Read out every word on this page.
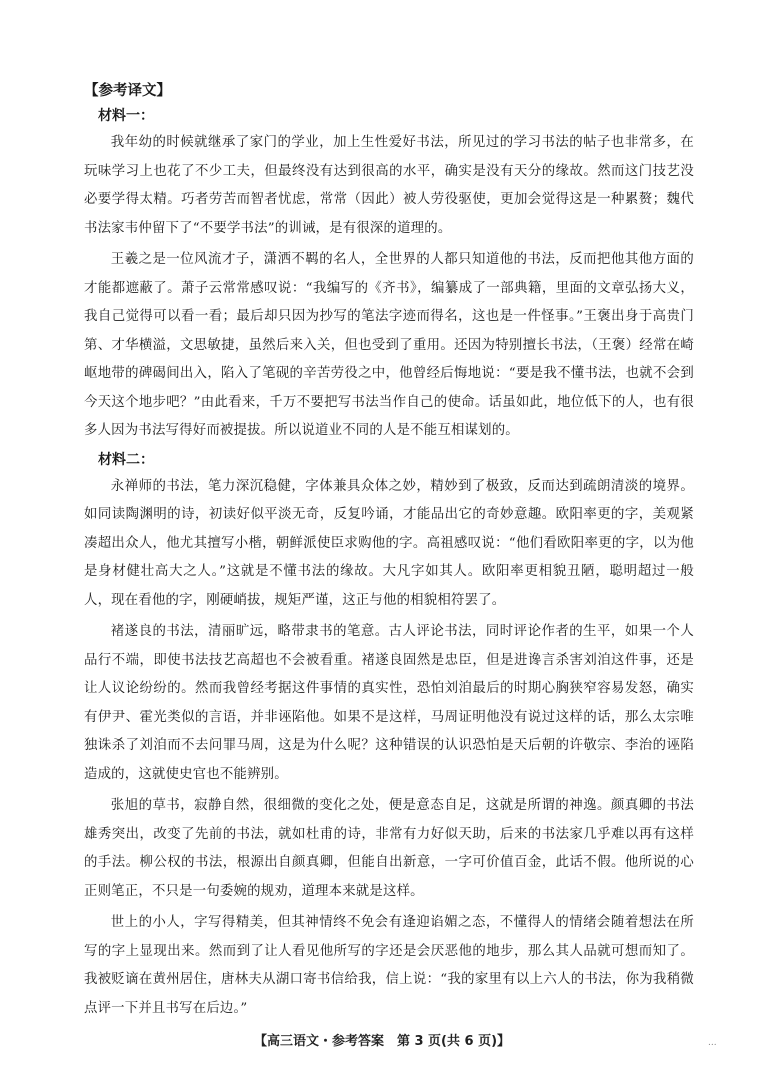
【参考译文】
材料一：

我年幼的时候就继承了家门的学业，加上生性爱好书法，所见过的学习书法的帖子也非常多，在玩味学习上也花了不少工夫，但最终没有达到很高的水平，确实是没有天分的缘故。然而这门技艺没必要学得太精。巧者劳苦而智者忧虑，常常（因此）被人劳役驱使，更加会觉得这是一种累赘；魏代书法家韦仲留下了“不要学书法”的训诫，是有很深的道理的。

王羲之是一位风流才子，潇洒不羁的名人，全世界的人都只知道他的书法，反而把他其他方面的才能都遮蔽了。萧子云常常感叹说：“我编写的《齐书》，编纂成了一部典籍，里面的文章弘扬大义，我自己觉得可以看一看；最后却只因为抄写的笔法字迹而得名，这也是一件怪事。”王褒出身于高贵门第、才华横溢，文思敏捷，虽然后来入关，但也受到了重用。还因为特别擅长书法，（王褒）经常在崎岖地带的碑碣间出入，陷入了笔砚的辛苦劳役之中，他曾经后悔地说：“要是我不懂书法，也就不会到今天这个地步吧？”由此看来，千万不要把写书法当作自己的使命。话虽如此，地位低下的人，也有很多人因为书法写得好而被提拔。所以说道业不同的人是不能互相谋划的。

材料二：

永禅师的书法，笔力深沉稳健，字体兼具众体之妙，精妙到了极致，反而达到疏朗清淡的境界。如同读陶渊明的诗，初读好似平淡无奇，反复吟诵，才能品出它的奇妙意趣。欧阳率更的字，美观紧凑超出众人，他尤其擅写小楷，朝鲜派使臣求购他的字。高祖感叹说：“他们看欧阳率更的字，以为他是身材健壮高大之人。”这就是不懂书法的缘故。大凡字如其人。欧阳率更相貌丑陋，聪明超过一般人，现在看他的字，刚硬峭拔，规矩严谨，这正与他的相貌相符罢了。

褚遂良的书法，清丽旷远，略带隶书的笔意。古人评论书法，同时评论作者的生平，如果一个人品行不端，即使书法技艺高超也不会被看重。褚遂良固然是忠臣，但是进谗言杀害刘洎这件事，还是让人议论纷纷的。然而我曾经考据这件事情的真实性，恐怕刘洎最后的时期心胸狭窄容易发怒，确实有伊尹、霍光类似的言语，并非诬陷他。如果不是这样，马周证明他没有说过这样的话，那么太宗唯独诛杀了刘洎而不去问罪马周，这是为什么呢？这种错误的认识恐怕是天后朝的许敬宗、李治的诬陷造成的，这就使史官也不能辨别。

张旭的草书，寂静自然，很细微的变化之处，便是意态自足，这就是所谓的神逸。颜真卿的书法雄秀突出，改变了先前的书法，就如杜甫的诗，非常有力好似天助，后来的书法家几乎难以再有这样的手法。柳公权的书法，根源出自颜真卿，但能自出新意，一字可价值百金，此话不假。他所说的心正则笔正，不只是一句委婉的规劝，道理本来就是这样。

世上的小人，字写得精美，但其神情终不免会有逢迎谄媚之态，不懂得人的情绪会随着想法在所写的字上显现出来。然而到了让人看见他所写的字还是会厌恶他的地步，那么其人品就可想而知了。我被贬谪在黄州居住，唐林夫从湖口寄书信给我，信上说：“我的家里有以上六人的书法，你为我稍微点评一下并且书写在后边。”

【高三语文・参考答案　第 3 页(共 6 页)】	...
